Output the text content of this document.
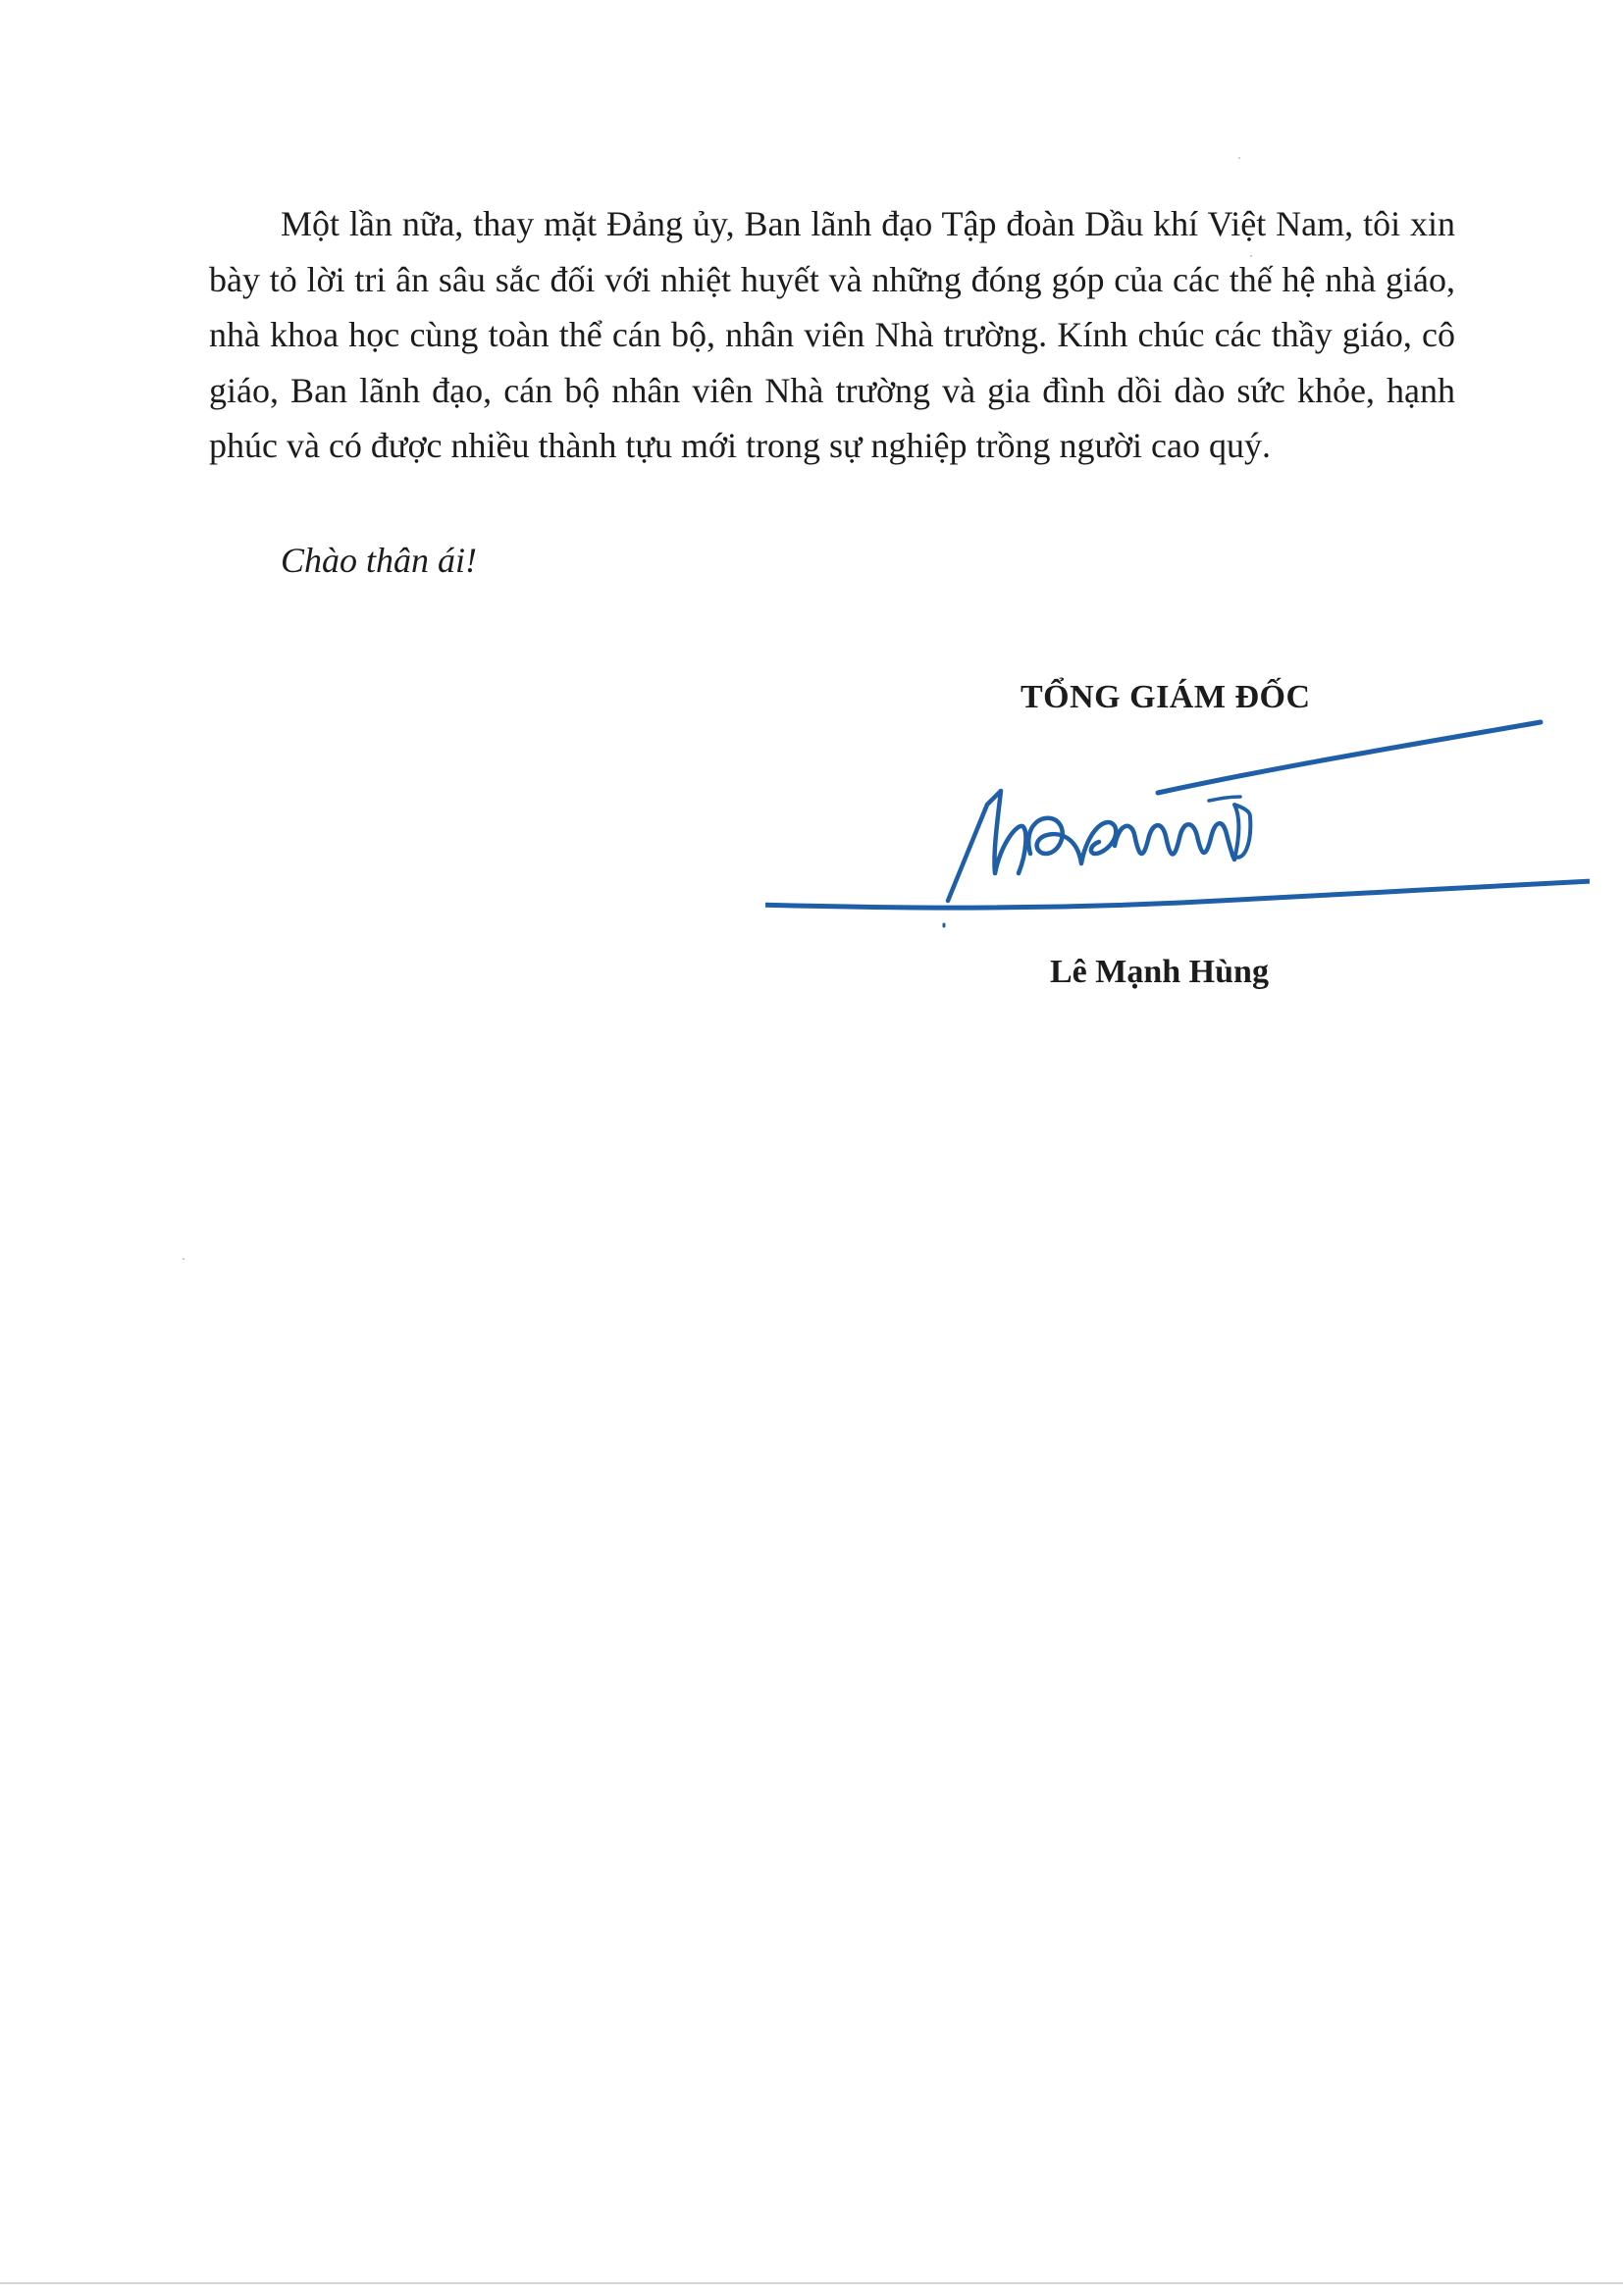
Một lần nữa, thay mặt Đảng ủy, Ban lãnh đạo Tập đoàn Dầu khí Việt Nam, tôi xin bày tỏ lời tri ân sâu sắc đối với nhiệt huyết và những đóng góp của các thế hệ nhà giáo, nhà khoa học cùng toàn thể cán bộ, nhân viên Nhà trường. Kính chúc các thầy giáo, cô giáo, Ban lãnh đạo, cán bộ nhân viên Nhà trường và gia đình dồi dào sức khỏe, hạnh phúc và có được nhiều thành tựu mới trong sự nghiệp trồng người cao quý.

Chào thân ái!

TỔNG GIÁM ĐỐC

Lê Mạnh Hùng
